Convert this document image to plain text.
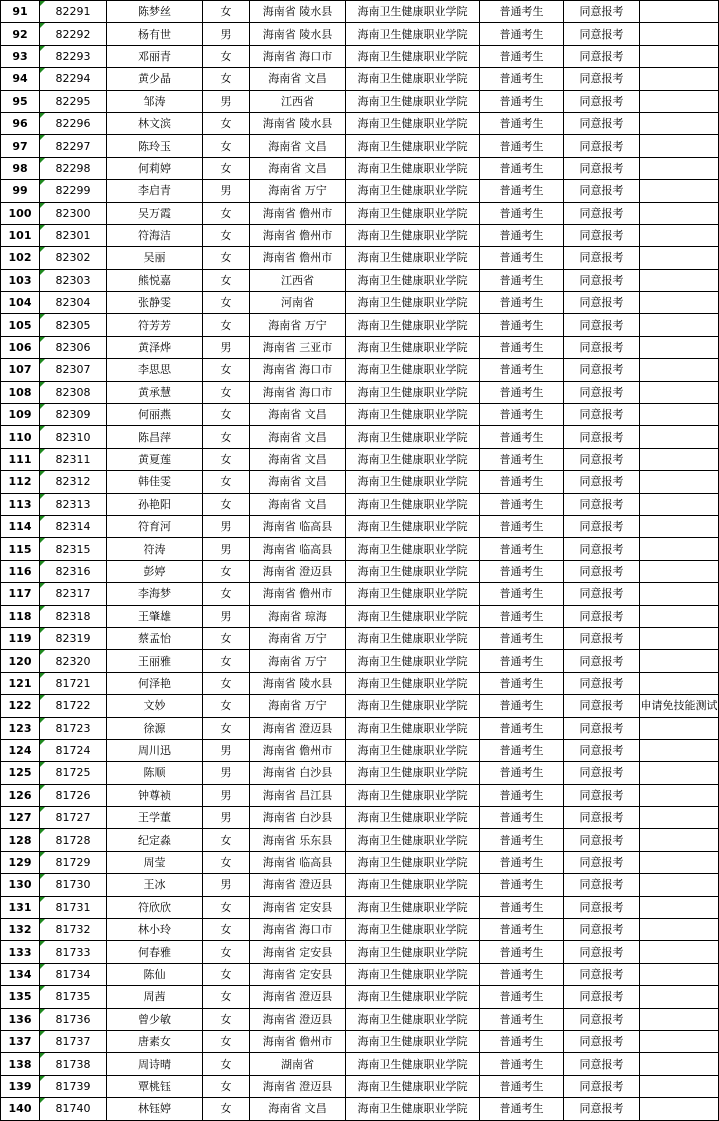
91	82291	陈梦丝	女	海南省 陵水县	海南卫生健康职业学院	普通考生	同意报考	
92	82292	杨有世	男	海南省 陵水县	海南卫生健康职业学院	普通考生	同意报考	
93	82293	邓丽青	女	海南省 海口市	海南卫生健康职业学院	普通考生	同意报考	
94	82294	黄少晶	女	海南省 文昌	海南卫生健康职业学院	普通考生	同意报考	
95	82295	邹涛	男	江西省	海南卫生健康职业学院	普通考生	同意报考	
96	82296	林文滨	女	海南省 陵水县	海南卫生健康职业学院	普通考生	同意报考	
97	82297	陈玲玉	女	海南省 文昌	海南卫生健康职业学院	普通考生	同意报考	
98	82298	何莉婷	女	海南省 文昌	海南卫生健康职业学院	普通考生	同意报考	
99	82299	李启青	男	海南省 万宁	海南卫生健康职业学院	普通考生	同意报考	
100	82300	吴万霞	女	海南省 儋州市	海南卫生健康职业学院	普通考生	同意报考	
101	82301	符海洁	女	海南省 儋州市	海南卫生健康职业学院	普通考生	同意报考	
102	82302	吴丽	女	海南省 儋州市	海南卫生健康职业学院	普通考生	同意报考	
103	82303	熊悦嘉	女	江西省	海南卫生健康职业学院	普通考生	同意报考	
104	82304	张静雯	女	河南省	海南卫生健康职业学院	普通考生	同意报考	
105	82305	符芳芳	女	海南省 万宁	海南卫生健康职业学院	普通考生	同意报考	
106	82306	黄泽烨	男	海南省 三亚市	海南卫生健康职业学院	普通考生	同意报考	
107	82307	李思思	女	海南省 海口市	海南卫生健康职业学院	普通考生	同意报考	
108	82308	黄承慧	女	海南省 海口市	海南卫生健康职业学院	普通考生	同意报考	
109	82309	何丽燕	女	海南省 文昌	海南卫生健康职业学院	普通考生	同意报考	
110	82310	陈昌萍	女	海南省 文昌	海南卫生健康职业学院	普通考生	同意报考	
111	82311	黄夏莲	女	海南省 文昌	海南卫生健康职业学院	普通考生	同意报考	
112	82312	韩佳雯	女	海南省 文昌	海南卫生健康职业学院	普通考生	同意报考	
113	82313	孙艳阳	女	海南省 文昌	海南卫生健康职业学院	普通考生	同意报考	
114	82314	符育河	男	海南省 临高县	海南卫生健康职业学院	普通考生	同意报考	
115	82315	符涛	男	海南省 临高县	海南卫生健康职业学院	普通考生	同意报考	
116	82316	彭婷	女	海南省 澄迈县	海南卫生健康职业学院	普通考生	同意报考	
117	82317	李海梦	女	海南省 儋州市	海南卫生健康职业学院	普通考生	同意报考	
118	82318	王肇雄	男	海南省 琼海	海南卫生健康职业学院	普通考生	同意报考	
119	82319	蔡孟怡	女	海南省 万宁	海南卫生健康职业学院	普通考生	同意报考	
120	82320	王丽雅	女	海南省 万宁	海南卫生健康职业学院	普通考生	同意报考	
121	81721	何泽艳	女	海南省 陵水县	海南卫生健康职业学院	普通考生	同意报考	
122	81722	文妙	女	海南省 万宁	海南卫生健康职业学院	普通考生	同意报考	申请免技能测试
123	81723	徐源	女	海南省 澄迈县	海南卫生健康职业学院	普通考生	同意报考	
124	81724	周川迅	男	海南省 儋州市	海南卫生健康职业学院	普通考生	同意报考	
125	81725	陈顺	男	海南省 白沙县	海南卫生健康职业学院	普通考生	同意报考	
126	81726	钟尊祯	男	海南省 昌江县	海南卫生健康职业学院	普通考生	同意报考	
127	81727	王学董	男	海南省 白沙县	海南卫生健康职业学院	普通考生	同意报考	
128	81728	纪定淼	女	海南省 乐东县	海南卫生健康职业学院	普通考生	同意报考	
129	81729	周莹	女	海南省 临高县	海南卫生健康职业学院	普通考生	同意报考	
130	81730	王冰	男	海南省 澄迈县	海南卫生健康职业学院	普通考生	同意报考	
131	81731	符欣欣	女	海南省 定安县	海南卫生健康职业学院	普通考生	同意报考	
132	81732	林小玲	女	海南省 海口市	海南卫生健康职业学院	普通考生	同意报考	
133	81733	何春雅	女	海南省 定安县	海南卫生健康职业学院	普通考生	同意报考	
134	81734	陈仙	女	海南省 定安县	海南卫生健康职业学院	普通考生	同意报考	
135	81735	周茜	女	海南省 澄迈县	海南卫生健康职业学院	普通考生	同意报考	
136	81736	曾少敏	女	海南省 澄迈县	海南卫生健康职业学院	普通考生	同意报考	
137	81737	唐素女	女	海南省 儋州市	海南卫生健康职业学院	普通考生	同意报考	
138	81738	周诗晴	女	湖南省	海南卫生健康职业学院	普通考生	同意报考	
139	81739	覃桃钰	女	海南省 澄迈县	海南卫生健康职业学院	普通考生	同意报考	
140	81740	林钰婷	女	海南省 文昌	海南卫生健康职业学院	普通考生	同意报考	
